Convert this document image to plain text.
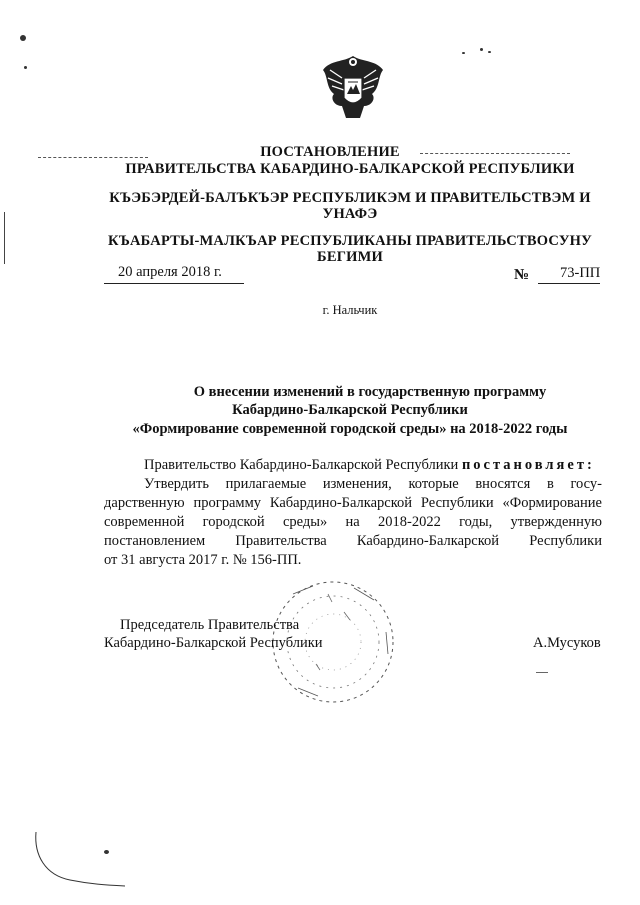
ПОСТАНОВЛЕНИЕ
ПРАВИТЕЛЬСТВА КАБАРДИНО-БАЛКАРСКОЙ РЕСПУБЛИКИ
КЪЭБЭРДЕЙ-БАЛЪКЪЭР РЕСПУБЛИКЭМ И ПРАВИТЕЛЬСТВЭМ И
УНАФЭ
КЪАБАРТЫ-МАЛКЪАР РЕСПУБЛИКАНЫ ПРАВИТЕЛЬСТВОСУНУ
БЕГИМИ
20 апреля 2018 г.	№ 73-ПП
г. Нальчик
О внесении изменений в государственную программу
Кабардино-Балкарской Республики
«Формирование современной городской среды» на 2018-2022 годы
Правительство Кабардино-Балкарской Республики постановляет:
Утвердить прилагаемые изменения, которые вносятся в госу-
дарственную программу Кабардино-Балкарской Республики «Формирование
современной городской среды» на 2018-2022 годы, утвержденную
постановлением Правительства Кабардино-Балкарской Республики
от 31 августа 2017 г. № 156-ПП.
Председатель Правительства
Кабардино-Балкарской Республики	А.Мусуков
